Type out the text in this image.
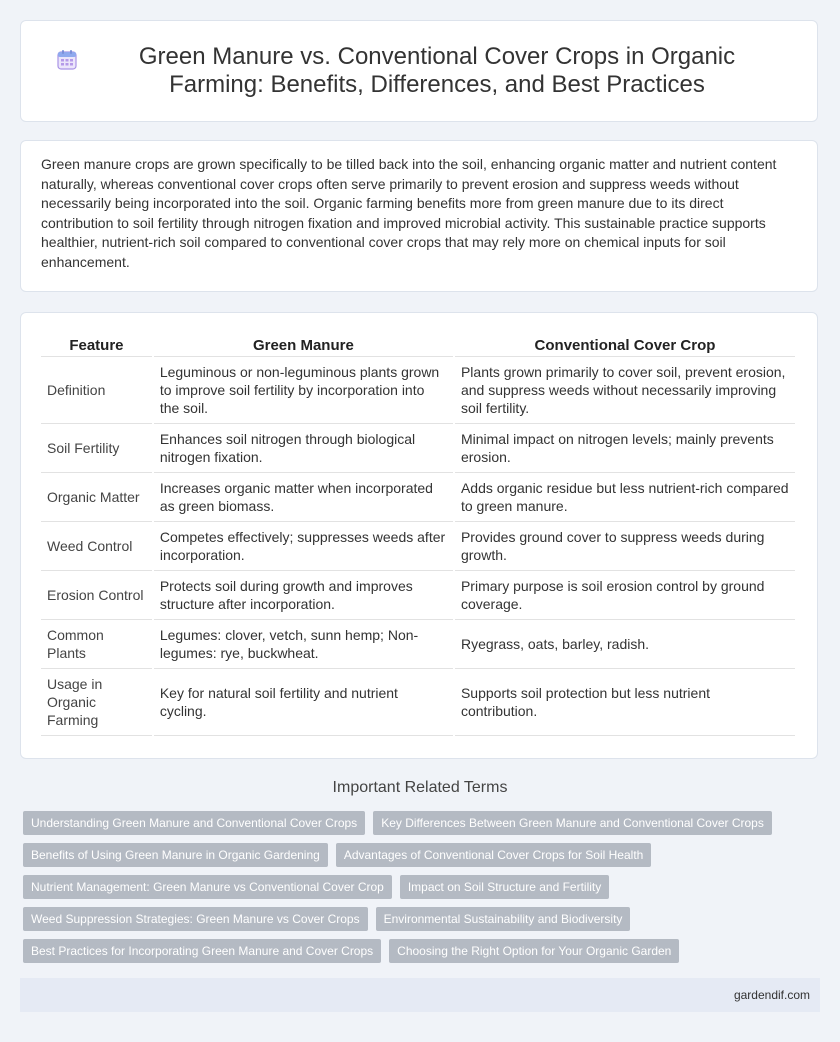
Green Manure vs. Conventional Cover Crops in Organic Farming: Benefits, Differences, and Best Practices

Green manure crops are grown specifically to be tilled back into the soil, enhancing organic matter and nutrient content naturally, whereas conventional cover crops often serve primarily to prevent erosion and suppress weeds without necessarily being incorporated into the soil. Organic farming benefits more from green manure due to its direct contribution to soil fertility through nitrogen fixation and improved microbial activity. This sustainable practice supports healthier, nutrient-rich soil compared to conventional cover crops that may rely more on chemical inputs for soil enhancement.

Feature	Green Manure	Conventional Cover Crop
Definition	Leguminous or non-leguminous plants grown to improve soil fertility by incorporation into the soil.	Plants grown primarily to cover soil, prevent erosion, and suppress weeds without necessarily improving soil fertility.
Soil Fertility	Enhances soil nitrogen through biological nitrogen fixation.	Minimal impact on nitrogen levels; mainly prevents erosion.
Organic Matter	Increases organic matter when incorporated as green biomass.	Adds organic residue but less nutrient-rich compared to green manure.
Weed Control	Competes effectively; suppresses weeds after incorporation.	Provides ground cover to suppress weeds during growth.
Erosion Control	Protects soil during growth and improves structure after incorporation.	Primary purpose is soil erosion control by ground coverage.
Common Plants	Legumes: clover, vetch, sunn hemp; Non-legumes: rye, buckwheat.	Ryegrass, oats, barley, radish.
Usage in Organic Farming	Key for natural soil fertility and nutrient cycling.	Supports soil protection but less nutrient contribution.
Important Related Terms
Understanding Green Manure and Conventional Cover Crops	Key Differences Between Green Manure and Conventional Cover Crops
Benefits of Using Green Manure in Organic Gardening	Advantages of Conventional Cover Crops for Soil Health
Nutrient Management: Green Manure vs Conventional Cover Crop	Impact on Soil Structure and Fertility
Weed Suppression Strategies: Green Manure vs Cover Crops	Environmental Sustainability and Biodiversity
Best Practices for Incorporating Green Manure and Cover Crops	Choosing the Right Option for Your Organic Garden
gardendif.com
